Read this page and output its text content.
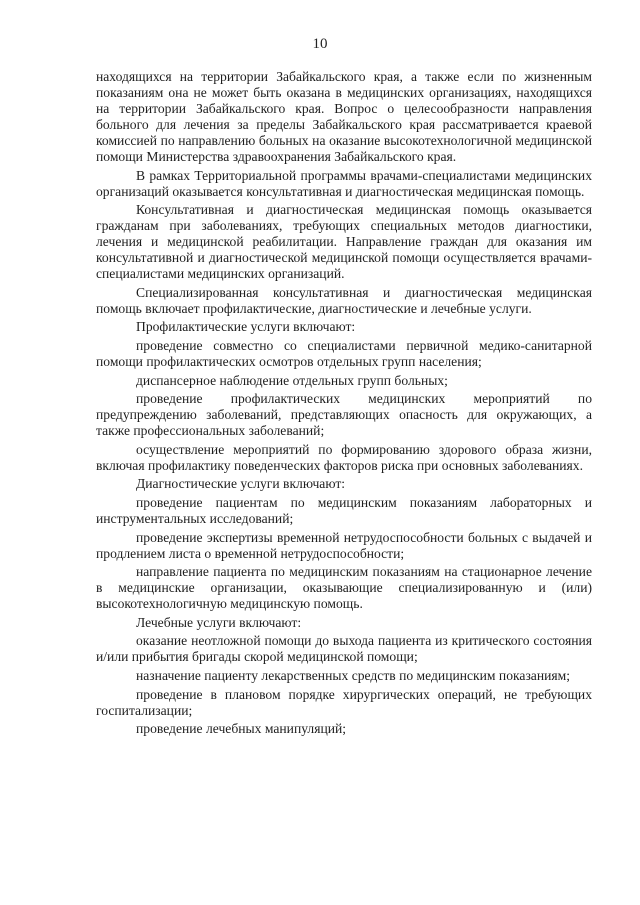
10

находящихся на территории Забайкальского края, а также если по жизненным показаниям она не может быть оказана в медицинских организациях, находящихся на территории Забайкальского края. Вопрос о целесообразности направления больного для лечения за пределы Забайкальского края рассматривается краевой комиссией по направлению больных на оказание высокотехнологичной медицинской помощи Министерства здравоохранения Забайкальского края.

В рамках Территориальной программы врачами-специалистами медицинских организаций оказывается консультативная и диагностическая медицинская помощь.

Консультативная и диагностическая медицинская помощь оказывается гражданам при заболеваниях, требующих специальных методов диагностики, лечения и медицинской реабилитации. Направление граждан для оказания им консультативной и диагностической медицинской помощи осуществляется врачами-специалистами медицинских организаций.

Специализированная консультативная и диагностическая медицинская помощь включает профилактические, диагностические и лечебные услуги.

Профилактические услуги включают:

проведение совместно со специалистами первичной медико-санитарной помощи профилактических осмотров отдельных групп населения;

диспансерное наблюдение отдельных групп больных;

проведение профилактических медицинских мероприятий по предупреждению заболеваний, представляющих опасность для окружающих, а также профессиональных заболеваний;

осуществление мероприятий по формированию здорового образа жизни, включая профилактику поведенческих факторов риска при основных заболеваниях.

Диагностические услуги включают:

проведение пациентам по медицинским показаниям лабораторных и инструментальных исследований;

проведение экспертизы временной нетрудоспособности больных с выдачей и продлением листа о временной нетрудоспособности;

направление пациента по медицинским показаниям на стационарное лечение в медицинские организации, оказывающие специализированную и (или) высокотехнологичную медицинскую помощь.

Лечебные услуги включают:

оказание неотложной помощи до выхода пациента из критического состояния и/или прибытия бригады скорой медицинской помощи;

назначение пациенту лекарственных средств по медицинским показаниям;

проведение в плановом порядке хирургических операций, не требующих госпитализации;

проведение лечебных манипуляций;
